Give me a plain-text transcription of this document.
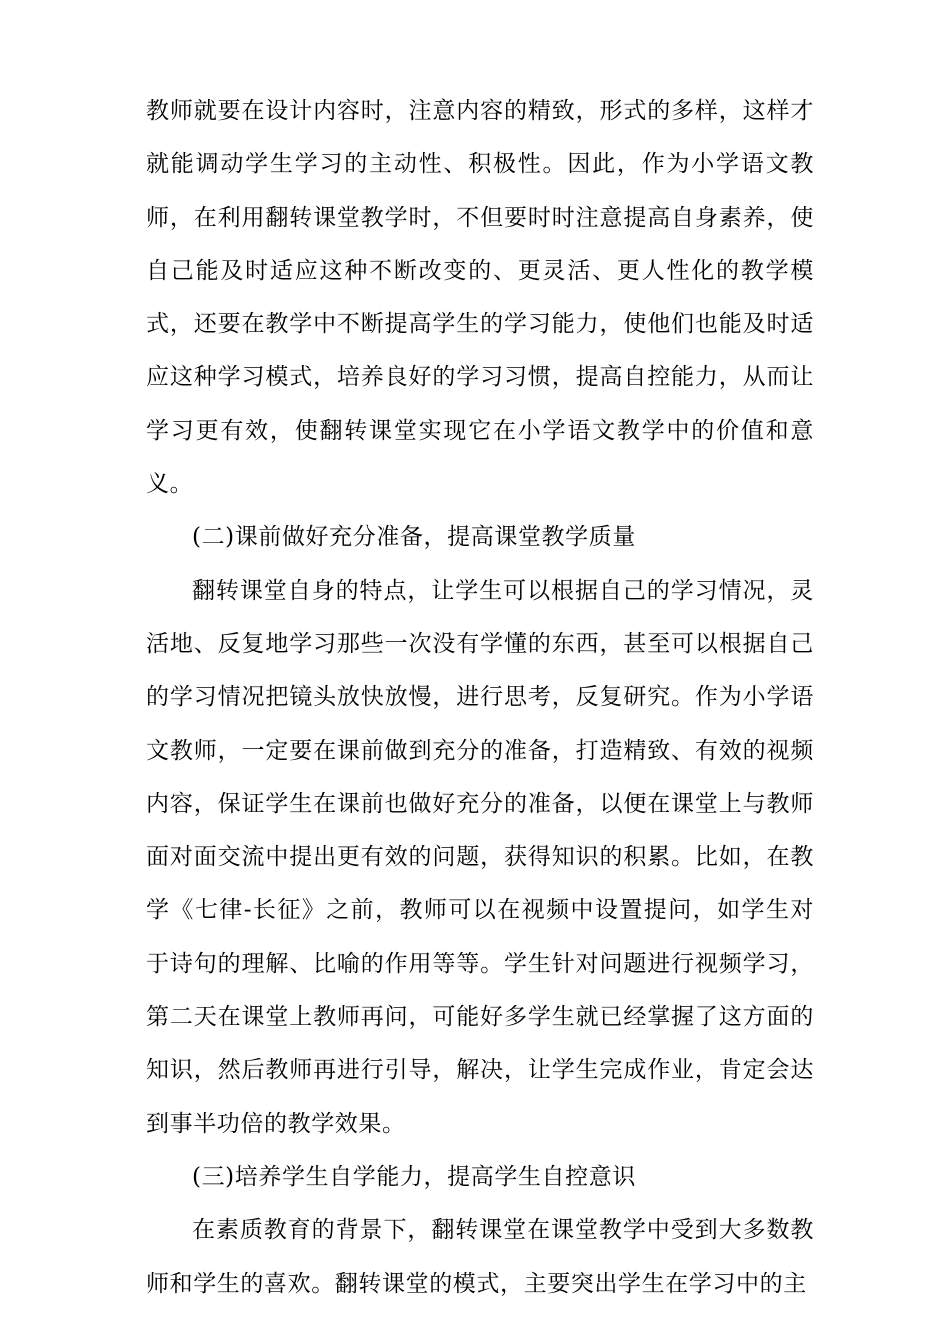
教师就要在设计内容时，注意内容的精致，形式的多样，这样才就能调动学生学习的主动性、积极性。因此，作为小学语文教师，在利用翻转课堂教学时，不但要时时注意提高自身素养，使自己能及时适应这种不断改变的、更灵活、更人性化的教学模式，还要在教学中不断提高学生的学习能力，使他们也能及时适应这种学习模式，培养良好的学习习惯，提高自控能力，从而让学习更有效，使翻转课堂实现它在小学语文教学中的价值和意义。

(二)课前做好充分准备，提高课堂教学质量

翻转课堂自身的特点，让学生可以根据自己的学习情况，灵活地、反复地学习那些一次没有学懂的东西，甚至可以根据自己的学习情况把镜头放快放慢，进行思考，反复研究。作为小学语文教师，一定要在课前做到充分的准备，打造精致、有效的视频内容，保证学生在课前也做好充分的准备，以便在课堂上与教师面对面交流中提出更有效的问题，获得知识的积累。比如，在教学《七律-长征》之前，教师可以在视频中设置提问，如学生对于诗句的理解、比喻的作用等等。学生针对问题进行视频学习，第二天在课堂上教师再问，可能好多学生就已经掌握了这方面的知识，然后教师再进行引导，解决，让学生完成作业，肯定会达到事半功倍的教学效果。

(三)培养学生自学能力，提高学生自控意识

在素质教育的背景下，翻转课堂在课堂教学中受到大多数教师和学生的喜欢。翻转课堂的模式，主要突出学生在学习中的主
